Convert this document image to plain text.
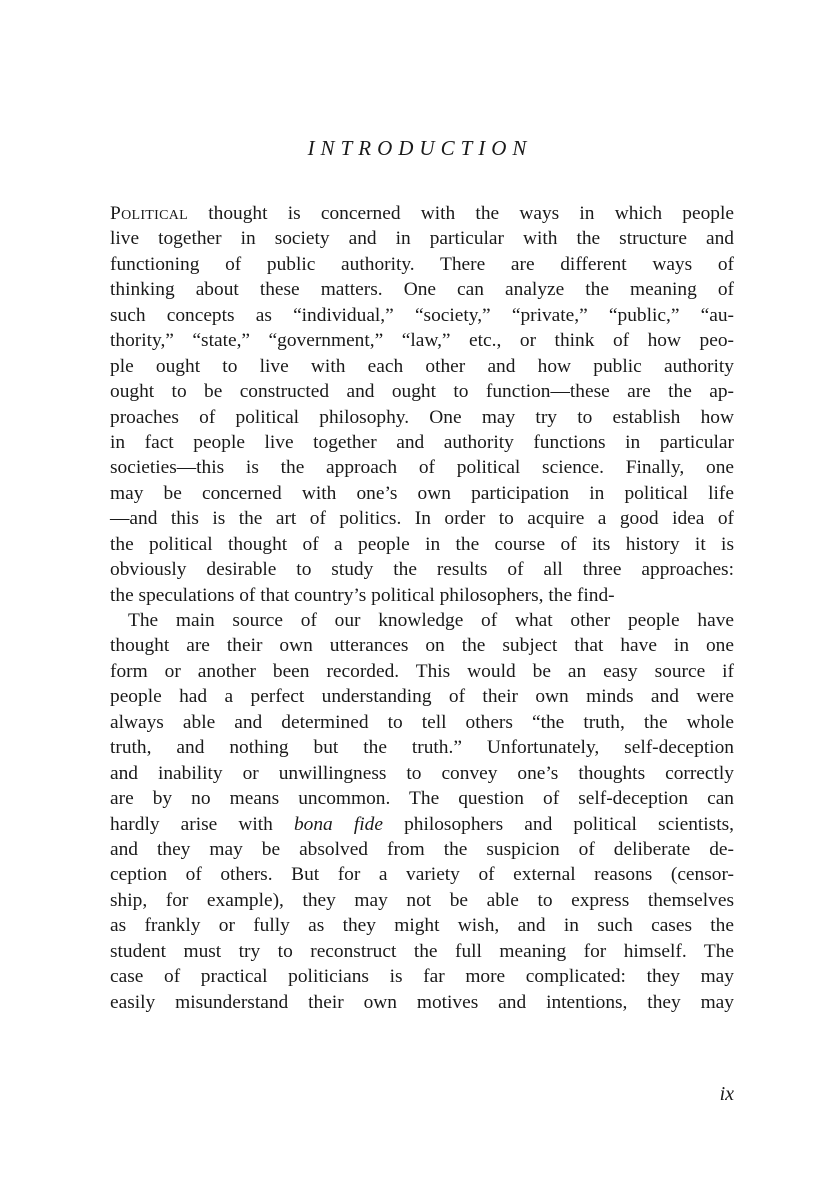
INTRODUCTION
Political thought is concerned with the ways in which people
live together in society and in particular with the structure and
functioning of public authority. There are different ways of
thinking about these matters. One can analyze the meaning of
such concepts as “individual,” “society,” “private,” “public,” “au-
thority,” “state,” “government,” “law,” etc., or think of how peo-
ple ought to live with each other and how public authority
ought to be constructed and ought to function—these are the ap-
proaches of political philosophy. One may try to establish how
in fact people live together and authority functions in particular
societies—this is the approach of political science. Finally, one
may be concerned with one’s own participation in political life
—and this is the art of politics. In order to acquire a good idea of
the political thought of a people in the course of its history it is
obviously desirable to study the results of all three approaches:
the speculations of that country’s political philosophers, the find-
The main source of our knowledge of what other people have
thought are their own utterances on the subject that have in one
form or another been recorded. This would be an easy source if
people had a perfect understanding of their own minds and were
always able and determined to tell others “the truth, the whole
truth, and nothing but the truth.” Unfortunately, self-deception
and inability or unwillingness to convey one’s thoughts correctly
are by no means uncommon. The question of self-deception can
hardly arise with bona fide philosophers and political scientists,
and they may be absolved from the suspicion of deliberate de-
ception of others. But for a variety of external reasons (censor-
ship, for example), they may not be able to express themselves
as frankly or fully as they might wish, and in such cases the
student must try to reconstruct the full meaning for himself. The
case of practical politicians is far more complicated: they may
easily misunderstand their own motives and intentions, they may

ix
